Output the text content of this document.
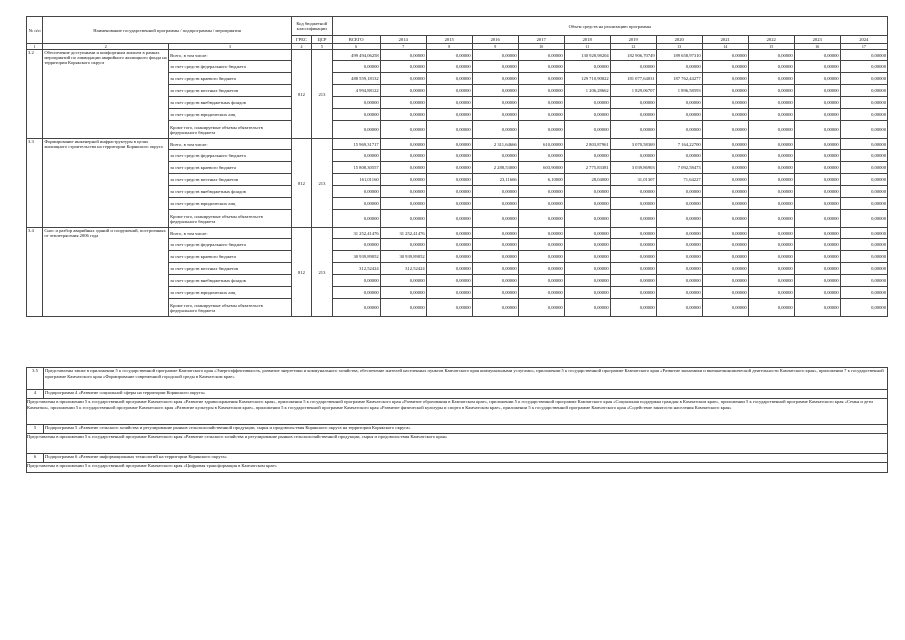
№ п/п	Наименование государственной программы / подпрограммы / мероприятия		Код бюджетной классификации		Объем средств на реализацию программы											
			ГРБС	ЦСР	ВСЕГО	2014	2015	2016	2017	2018	2019	2020	2021	2022	2023	2024
1	2	3	4	5	6	7	8	9	10	11	12	13	14	15	16	17
3.2	Обеспечение доступными и комфортным жильем в рамках мероприятий по ликвидации аварийного жилищного фонда на территории Корякского округа	Всего, в том числе:	812	213	499 494,06258	0,00000	0,00000	0,00000	0,00000	130 928,98204	182 906,70749	189 658,97310	0,00000	0,00000	0,00000	0,00000
		за счет средств федерального бюджета			0,00000	0,00000	0,00000	0,00000	0,00000	0,00000	0,00000	0,00000	0,00000	0,00000	0,00000	0,00000
		за счет средств краевого бюджета			488 559,18132	0,00000	0,00000	0,00000	0,00000	129 710,90822	181 077,64031	187 762,44277	0,00000	0,00000	0,00000	0,00000
		за счет средств местных бюджетов			4 994,88122	0,00000	0,00000	0,00000	0,00000	1 206,28662	1 829,06707	1 896,58593	0,00000	0,00000	0,00000	0,00000
		за счет средств внебюджетных фондов			0,00000	0,00000	0,00000	0,00000	0,00000	0,00000	0,00000	0,00000	0,00000	0,00000	0,00000	0,00000
		за счет средств юридических лиц			0,00000	0,00000	0,00000	0,00000	0,00000	0,00000	0,00000	0,00000	0,00000	0,00000	0,00000	0,00000
		Кроме того, планируемые объемы обязательств федерального бюджета			0,00000	0,00000	0,00000	0,00000	0,00000	0,00000	0,00000	0,00000	0,00000	0,00000	0,00000	0,00000
3.3	Формирование инженерной инфраструктуры в целях жилищного строительства на территории Корякского округа	Всего, в том числе:	812	213	15 969,31717	0,00000	0,00000	2 311,64666	610,00000	2 803,87961	3 070,58369	7 164,22700	0,00000	0,00000	0,00000	0,00000
		за счет средств федерального бюджета			0,00000	0,00000	0,00000	0,00000	0,00000	0,00000	0,00000	0,00000	0,00000	0,00000	0,00000	0,00000
		за счет средств краевого бюджета			15 808,30557	0,00000	0,00000	2 288,53000	603,90000	2 775,83381	3 039,86903	7 092,58473	0,00000	0,00000	0,00000	0,00000
		за счет средств местных бюджетов			161,01160	0,00000	0,00000	23,11666	6,10000	28,04000	31,01307	71,64227	0,00000	0,00000	0,00000	0,00000
		за счет средств внебюджетных фондов			0,00000	0,00000	0,00000	0,00000	0,00000	0,00000	0,00000	0,00000	0,00000	0,00000	0,00000	0,00000
		за счет средств юридических лиц			0,00000	0,00000	0,00000	0,00000	0,00000	0,00000	0,00000	0,00000	0,00000	0,00000	0,00000	0,00000
		Кроме того, планируемые объемы обязательств федерального бюджета			0,00000	0,00000	0,00000	0,00000	0,00000	0,00000	0,00000	0,00000	0,00000	0,00000	0,00000	0,00000
3.4	Снос и разбор аварийных зданий и сооружений, построенных от землетрясения 2006 года	Всего, в том числе:	812	213	31 252,41476	31 252,41476	0,00000	0,00000	0,00000	0,00000	0,00000	0,00000	0,00000	0,00000	0,00000	0,00000
		за счет средств федерального бюджета			0,00000	0,00000	0,00000	0,00000	0,00000	0,00000	0,00000	0,00000	0,00000	0,00000	0,00000	0,00000
		за счет средств краевого бюджета			30 939,89052	30 939,89052	0,00000	0,00000	0,00000	0,00000	0,00000	0,00000	0,00000	0,00000	0,00000	0,00000
		за счет средств местных бюджетов			312,52424	312,52424	0,00000	0,00000	0,00000	0,00000	0,00000	0,00000	0,00000	0,00000	0,00000	0,00000
		за счет средств внебюджетных фондов			0,00000	0,00000	0,00000	0,00000	0,00000	0,00000	0,00000	0,00000	0,00000	0,00000	0,00000	0,00000
		за счет средств юридических лиц			0,00000	0,00000	0,00000	0,00000	0,00000	0,00000	0,00000	0,00000	0,00000	0,00000	0,00000	0,00000
		Кроме того, планируемые объемы обязательств федерального бюджета			0,00000	0,00000	0,00000	0,00000	0,00000	0,00000	0,00000	0,00000	0,00000	0,00000	0,00000	0,00000
3.5	Представлены также в приложении 5 к государственной программе Камчатского края «Энергоэффективность, развитие энергетики и коммунального хозяйства, обеспечение жителей населенных пунктов Камчатского края коммунальными услугами», приложении 5 к государственной программе Камчатского края «Развитие экономики и внешнеэкономической деятельности Камчатского края», приложении 7 к государственной программе Камчатского края «Формирование современной городской среды в Камчатском крае»
4	Подпрограмма 4 «Развитие социальной сферы на территории Корякского округа»
Представлены в приложении 5 к государственной программе Камчатского края «Развитие здравоохранения Камчатского края», приложении 5 к государственной программе Камчатского края «Развитие образования в Камчатском крае», приложении 5 к государственной программе Камчатского края «Социальная поддержка граждан в Камчатском крае», приложении 5 к государственной программе Камчатского края «Семья и дети Камчатки», приложении 5 к государственной программе Камчатского края «Развитие культуры в Камчатском крае», приложении 5 к государственной программе Камчатского края «Развитие физической культуры и спорта в Камчатском крае», приложении 5 к государственной программе Камчатского края «Содействие занятости населения Камчатского края»
5	Подпрограмма 5 «Развитие сельского хозяйства и регулирование рынков сельскохозяйственной продукции, сырья и продовольствия Корякского округа на территории Корякского округа»
Представлены в приложении 5 к государственной программе Камчатского края «Развитие сельского хозяйства и регулирование рынков сельскохозяйственной продукции, сырья и продовольствия Камчатского края»
6	Подпрограмма 6 «Развитие информационных технологий на территории Корякского округа»
Представлены в приложении 5 к государственной программе Камчатского края «Цифровая трансформация в Камчатском крае»
